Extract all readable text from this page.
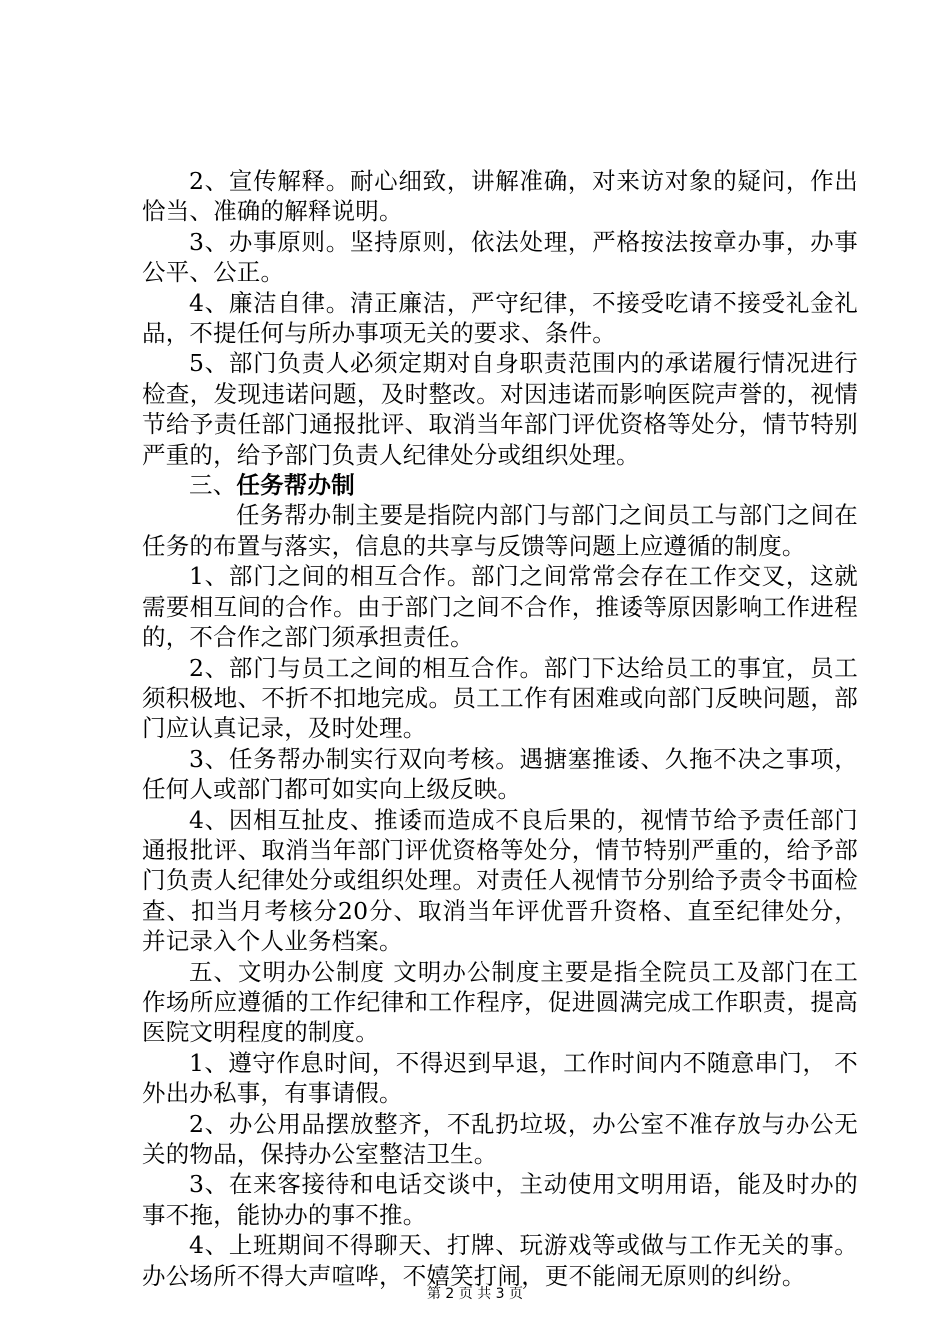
2、宣传解释。耐心细致，讲解准确，对来访对象的疑问，作出恰当、准确的解释说明。

3、办事原则。坚持原则，依法处理，严格按法按章办事，办事公平、公正。

4、廉洁自律。清正廉洁，严守纪律，不接受吃请不接受礼金礼品，不提任何与所办事项无关的要求、条件。

5、部门负责人必须定期对自身职责范围内的承诺履行情况进行检查，发现违诺问题，及时整改。对因违诺而影响医院声誉的，视情节给予责任部门通报批评、取消当年部门评优资格等处分，情节特别严重的，给予部门负责人纪律处分或组织处理。

三、任务帮办制

任务帮办制主要是指院内部门与部门之间员工与部门之间在任务的布置与落实，信息的共享与反馈等问题上应遵循的制度。

1、部门之间的相互合作。部门之间常常会存在工作交叉，这就需要相互间的合作。由于部门之间不合作，推诿等原因影响工作进程的，不合作之部门须承担责任。

2、部门与员工之间的相互合作。部门下达给员工的事宜，员工须积极地、不折不扣地完成。员工工作有困难或向部门反映问题，部门应认真记录，及时处理。

3、任务帮办制实行双向考核。遇搪塞推诿、久拖不决之事项，任何人或部门都可如实向上级反映。

4、因相互扯皮、推诿而造成不良后果的，视情节给予责任部门通报批评、取消当年部门评优资格等处分，情节特别严重的，给予部门负责人纪律处分或组织处理。对责任人视情节分别给予责令书面检查、扣当月考核分20分、取消当年评优晋升资格、直至纪律处分，并记录入个人业务档案。

五、文明办公制度 文明办公制度主要是指全院员工及部门在工作场所应遵循的工作纪律和工作程序，促进圆满完成工作职责，提高医院文明程度的制度。

1、遵守作息时间，不得迟到早退，工作时间内不随意串门， 不外出办私事，有事请假。

2、办公用品摆放整齐，不乱扔垃圾，办公室不准存放与办公无关的物品，保持办公室整洁卫生。

3、在来客接待和电话交谈中，主动使用文明用语，能及时办的事不拖，能协办的事不推。

4、上班期间不得聊天、打牌、玩游戏等或做与工作无关的事。办公场所不得大声喧哗，不嬉笑打闹，更不能闹无原则的纠纷。

第 2 页 共 3 页
